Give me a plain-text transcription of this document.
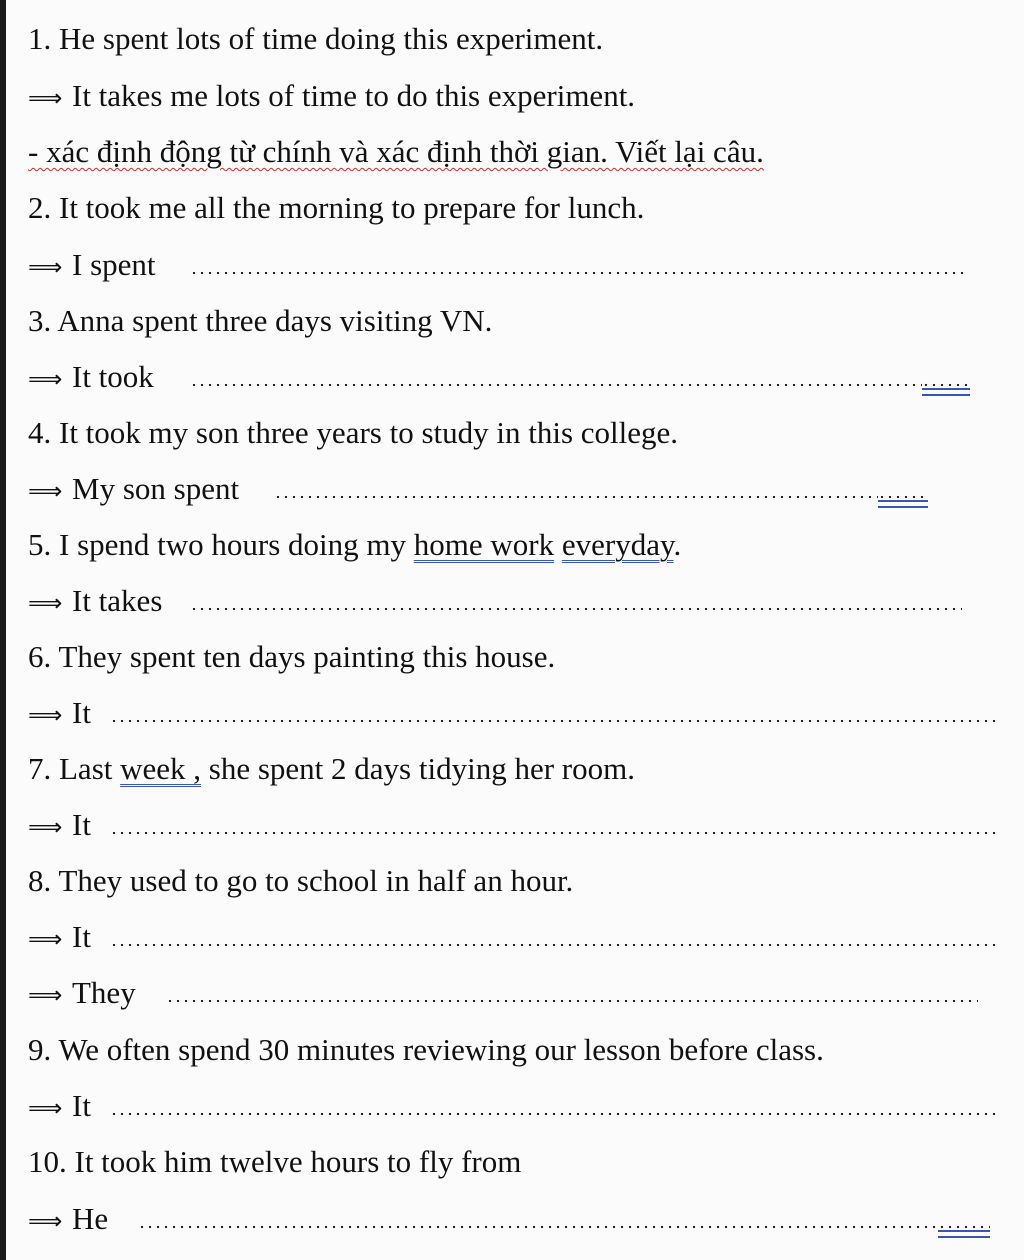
1. He spent lots of time doing this experiment.
⟹ It takes me lots of time to do this experiment.
- xác định động từ chính và xác định thời gian. Viết lại câu.
2. It took me all the morning to prepare for lunch.
⟹ I spent
3. Anna spent three days visiting VN.
⟹ It took
4. It took my son three years to study in this college.
⟹ My son spent
5. I spend two hours doing my home work everyday.
⟹ It takes
6. They spent ten days painting this house.
⟹ It
7. Last week , she spent 2 days tidying her room.
⟹ It
8. They used to go to school in half an hour.
⟹ It
⟹ They
9. We often spend 30 minutes reviewing our lesson before class.
⟹ It
10. It took him twelve hours to fly from
⟹ He
